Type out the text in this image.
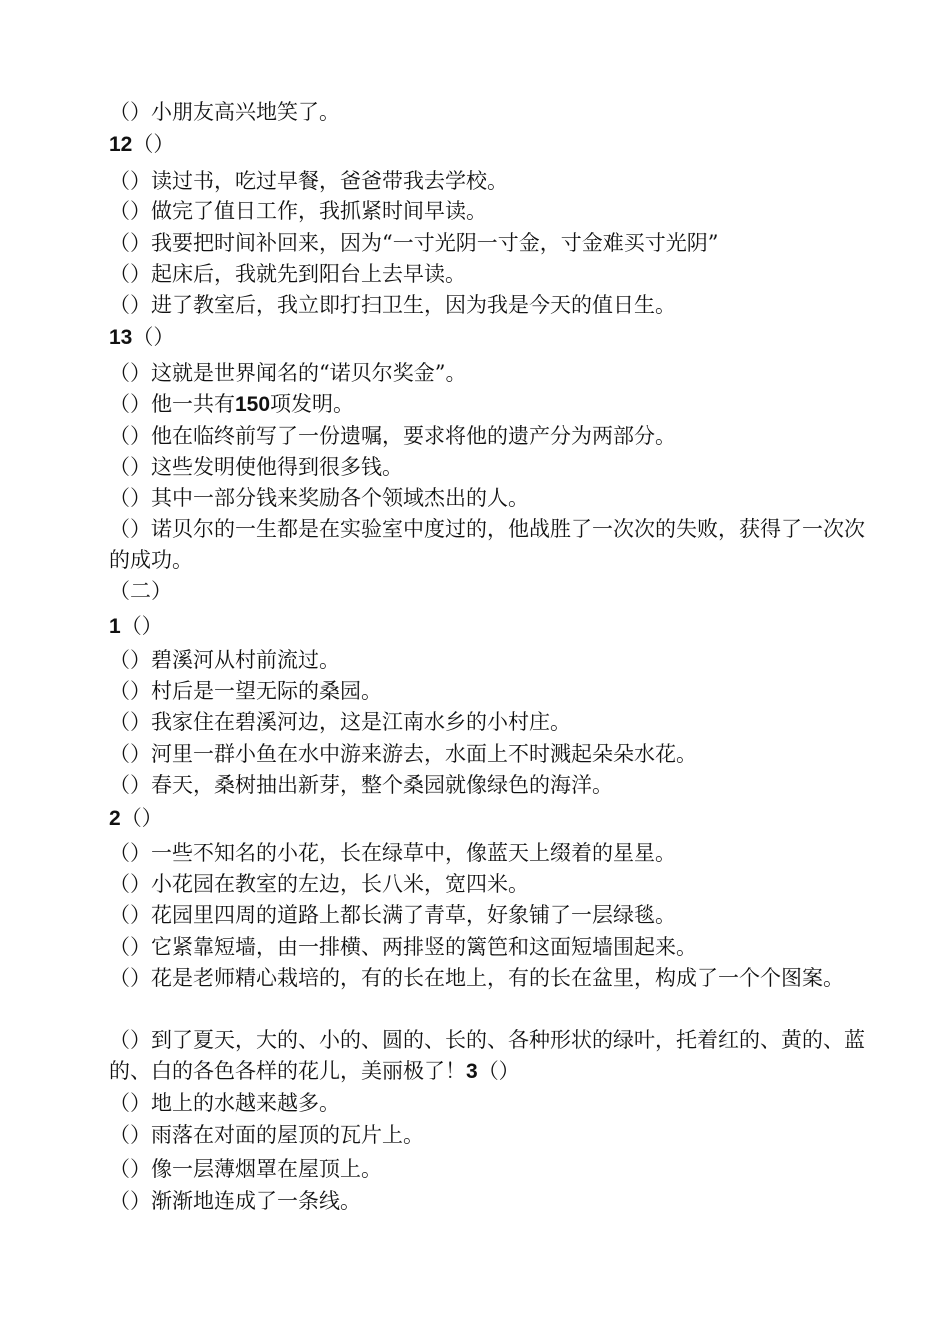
（）小朋友高兴地笑了。
12（）
（）读过书，吃过早餐，爸爸带我去学校。
（）做完了值日工作，我抓紧时间早读。
（）我要把时间补回来，因为“一寸光阴一寸金，寸金难买寸光阴”
（）起床后，我就先到阳台上去早读。
（）进了教室后，我立即打扫卫生，因为我是今天的值日生。
13（）
（）这就是世界闻名的“诺贝尔奖金”。
（）他一共有150项发明。
（）他在临终前写了一份遗嘱，要求将他的遗产分为两部分。
（）这些发明使他得到很多钱。
（）其中一部分钱来奖励各个领域杰出的人。
（）诺贝尔的一生都是在实验室中度过的，他战胜了一次次的失败，获得了一次次的成功。
（二）
1（）
（）碧溪河从村前流过。
（）村后是一望无际的桑园。
（）我家住在碧溪河边，这是江南水乡的小村庄。
（）河里一群小鱼在水中游来游去，水面上不时溅起朵朵水花。
（）春天，桑树抽出新芽，整个桑园就像绿色的海洋。
2（）
（）一些不知名的小花，长在绿草中，像蓝天上缀着的星星。
（）小花园在教室的左边，长八米，宽四米。
（）花园里四周的道路上都长满了青草，好象铺了一层绿毯。
（）它紧靠短墙，由一排横、两排竖的篱笆和这面短墙围起来。
（）花是老师精心栽培的，有的长在地上，有的长在盆里，构成了一个个图案。
（）到了夏天，大的、小的、圆的、长的、各种形状的绿叶，托着红的、黄的、蓝的、白的各色各样的花儿，美丽极了！3（）
（）地上的水越来越多。
（）雨落在对面的屋顶的瓦片上。
（）像一层薄烟罩在屋顶上。
（）渐渐地连成了一条线。
